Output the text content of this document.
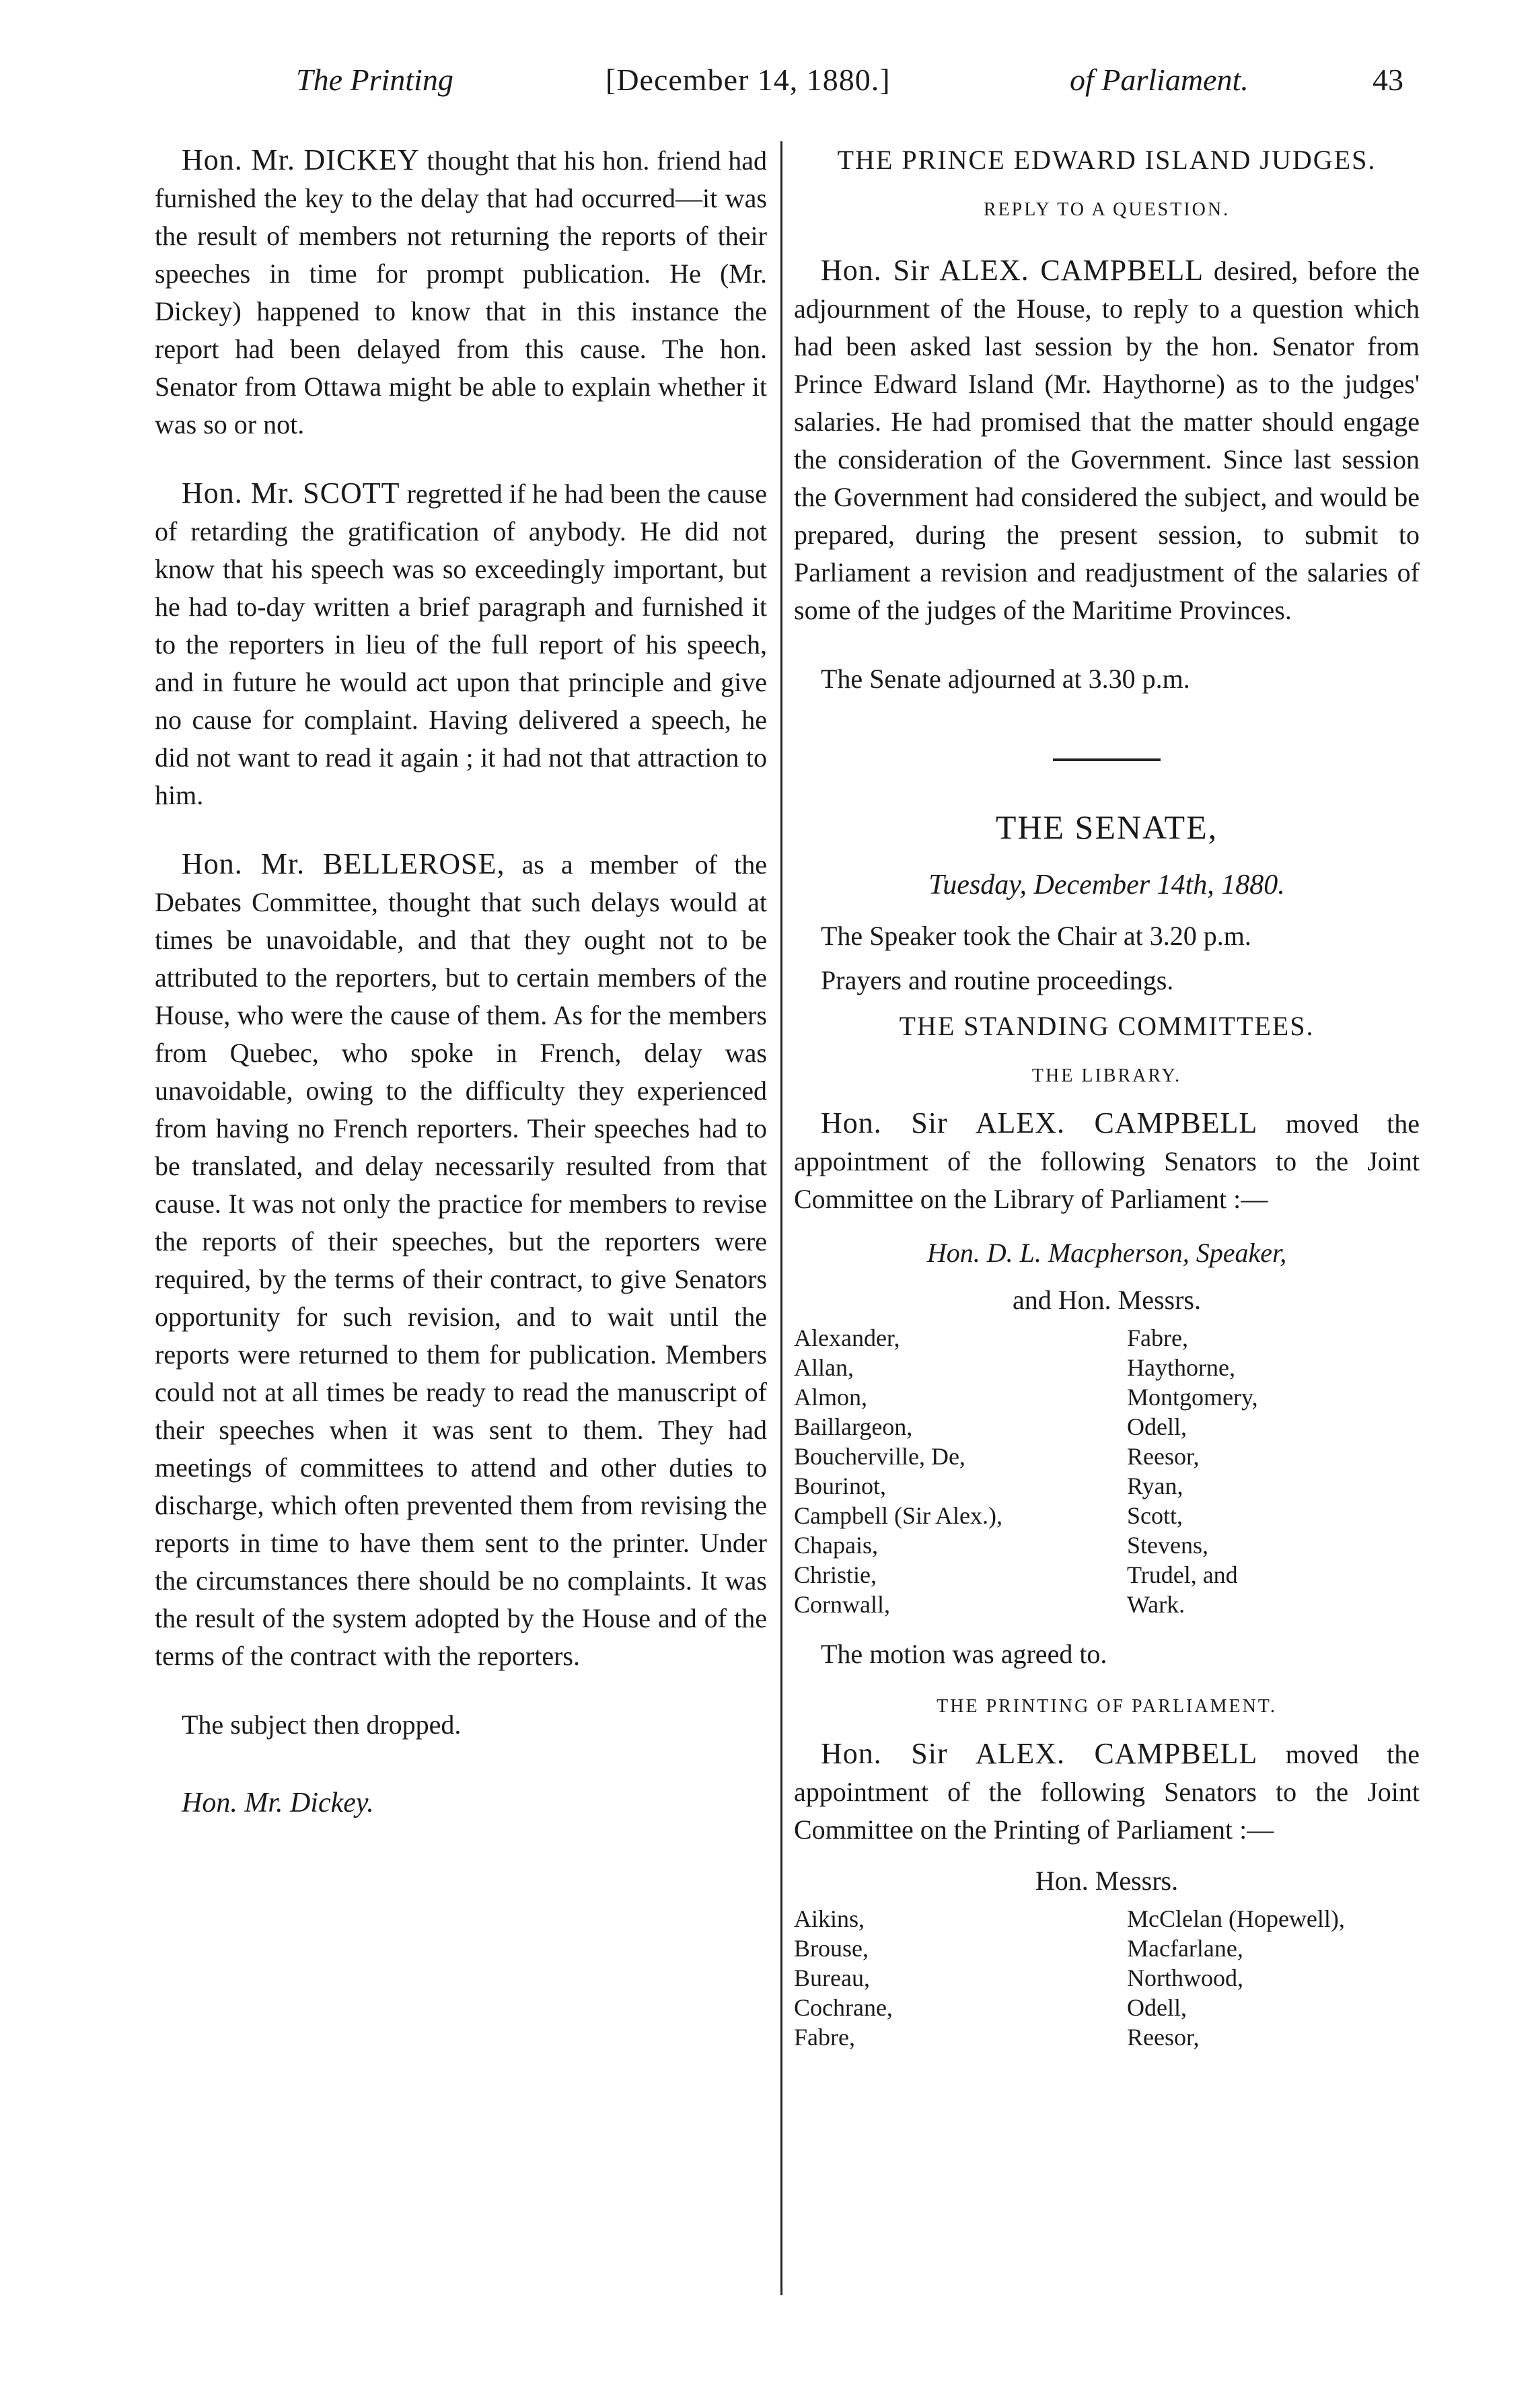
The Printing	[December 14, 1880.]	of Parliament.	43

Hon. Mr. DICKEY thought that his hon. friend had furnished the key to the delay that had occurred—it was the result of members not returning the reports of their speeches in time for prompt publication. He (Mr. Dickey) happened to know that in this instance the report had been delayed from this cause. The hon. Senator from Ottawa might be able to explain whether it was so or not.

Hon. Mr. SCOTT regretted if he had been the cause of retarding the gratification of anybody. He did not know that his speech was so exceedingly important, but he had to-day written a brief paragraph and furnished it to the reporters in lieu of the full report of his speech, and in future he would act upon that principle and give no cause for complaint. Having delivered a speech, he did not want to read it again ; it had not that attraction to him.

Hon. Mr. BELLEROSE, as a member of the Debates Committee, thought that such delays would at times be unavoidable, and that they ought not to be attributed to the reporters, but to certain members of the House, who were the cause of them. As for the members from Quebec, who spoke in French, delay was unavoidable, owing to the difficulty they experienced from having no French reporters. Their speeches had to be translated, and delay necessarily resulted from that cause. It was not only the practice for members to revise the reports of their speeches, but the reporters were required, by the terms of their contract, to give Senators opportunity for such revision, and to wait until the reports were returned to them for publication. Members could not at all times be ready to read the manuscript of their speeches when it was sent to them. They had meetings of committees to attend and other duties to discharge, which often prevented them from revising the reports in time to have them sent to the printer. Under the circumstances there should be no complaints. It was the result of the system adopted by the House and of the terms of the contract with the reporters.

The subject then dropped.

Hon. Mr. Dickey.

THE PRINCE EDWARD ISLAND JUDGES.

REPLY TO A QUESTION.

Hon. Sir ALEX. CAMPBELL desired, before the adjournment of the House, to reply to a question which had been asked last session by the hon. Senator from Prince Edward Island (Mr. Haythorne) as to the judges' salaries. He had promised that the matter should engage the consideration of the Government. Since last session the Government had considered the subject, and would be prepared, during the present session, to submit to Parliament a revision and readjustment of the salaries of some of the judges of the Maritime Provinces.

The Senate adjourned at 3.30 p.m.

THE SENATE,

Tuesday, December 14th, 1880.

The Speaker took the Chair at 3.20 p.m.

Prayers and routine proceedings.

THE STANDING COMMITTEES.

THE LIBRARY.

Hon. Sir ALEX. CAMPBELL moved the appointment of the following Senators to the Joint Committee on the Library of Parliament :—

Hon. D. L. Macpherson, Speaker,

and Hon. Messrs.

Alexander,
Allan,
Almon,
Baillargeon,
Boucherville, De,
Bourinot,
Campbell (Sir Alex.),
Chapais,
Christie,
Cornwall,
Fabre,
Haythorne,
Montgomery,
Odell,
Reesor,
Ryan,
Scott,
Stevens,
Trudel, and
Wark.

The motion was agreed to.

THE PRINTING OF PARLIAMENT.

Hon. Sir ALEX. CAMPBELL moved the appointment of the following Senators to the Joint Committee on the Printing of Parliament :—

Hon. Messrs.

Aikins,
Brouse,
Bureau,
Cochrane,
Fabre,
McClelan (Hopewell),
Macfarlane,
Northwood,
Odell,
Reesor,
